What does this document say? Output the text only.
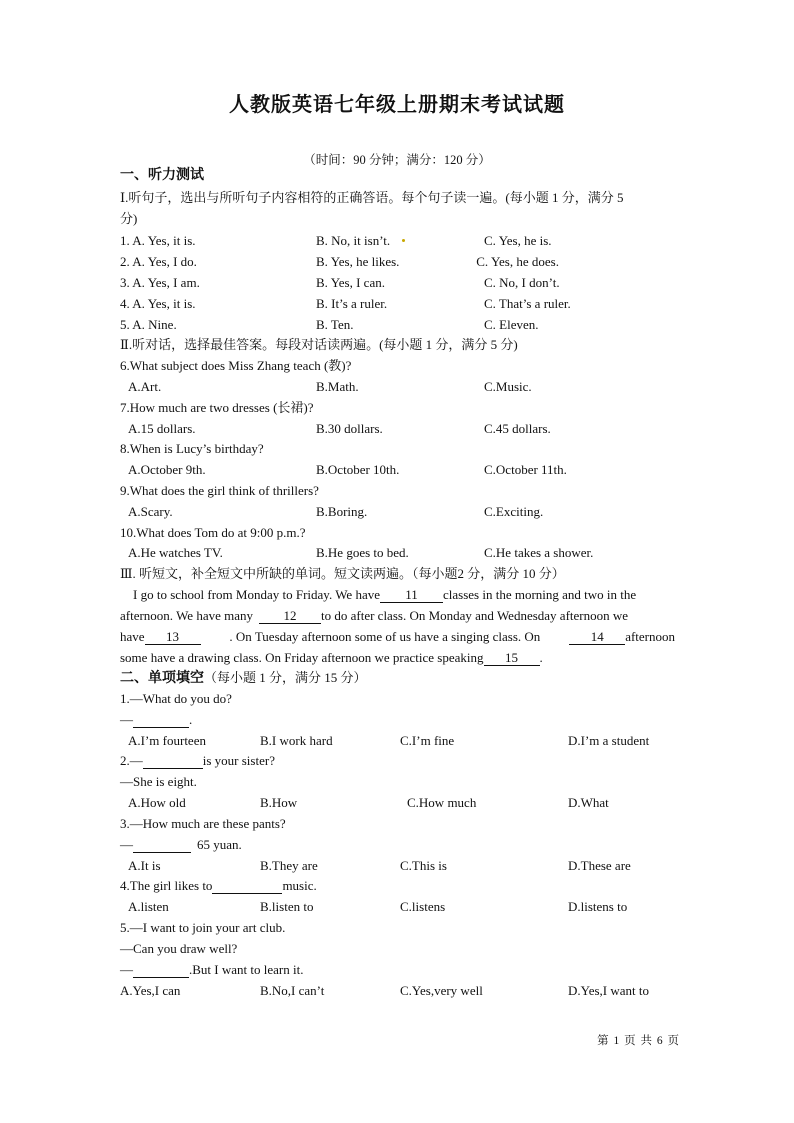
人教版英语七年级上册期末考试试题
（时间：90 分钟；满分：120 分）
一、听力测试
Ⅰ.听句子，选出与所听句子内容相符的正确答语。每个句子读一遍。(每小题 1 分，满分 5
分)
1. A. Yes, it is.	B. No, it isn’t.	C. Yes, he is.
2. A. Yes, I do.	B. Yes, he likes.	C. Yes, he does.
3. A. Yes, I am.	B. Yes, I can.	C. No, I don’t.
4. A. Yes, it is.	B. It’s a ruler.	C. That’s a ruler.
5. A. Nine.	B. Ten.	C. Eleven.
Ⅱ.听对话，选择最佳答案。每段对话读两遍。(每小题 1 分，满分 5 分)
6.What subject does Miss Zhang teach (教)?
A.Art.	B.Math.	C.Music.
7.How much are two dresses (长裙)?
A.15 dollars.	B.30 dollars.	C.45 dollars.
8.When is Lucy’s birthday?
A.October 9th.	B.October 10th.	C.October 11th.
9.What does the girl think of thrillers?
A.Scary.	B.Boring.	C.Exciting.
10.What does Tom do at 9:00 p.m.?
A.He watches TV.	B.He goes to bed.	C.He takes a shower.
Ⅲ. 听短文，补全短文中所缺的单词。短文读两遍。（每小题2 分，满分 10 分）
I go to school from Monday to Friday. We have 11 classes in the morning and two in the
afternoon. We have many 12 to do after class. On Monday and Wednesday afternoon we
have 13	. On Tuesday afternoon some of us have a singing class. On	14 afternoon
some have a drawing class. On Friday afternoon we practice speaking 15 .
二、单项填空（每小题 1 分，满分 15 分）
1.—What do you do?
—	.
A.I’m fourteen	B.I work hard	C.I’m fine	D.I’m a student
2.—	is your sister?
—She is eight.
A.How old	B.How	C.How much	D.What
3.—How much are these pants?
—	65 yuan.
A.It is	B.They are	C.This is	D.These are
4.The girl likes to	music.
A.listen	B.listen to	C.listens	D.listens to
5.—I want to join your art club.
—Can you draw well?
—	.But I want to learn it.
A.Yes,I can	B.No,I can’t	C.Yes,very well	D.Yes,I want to
第 1 页 共 6 页
